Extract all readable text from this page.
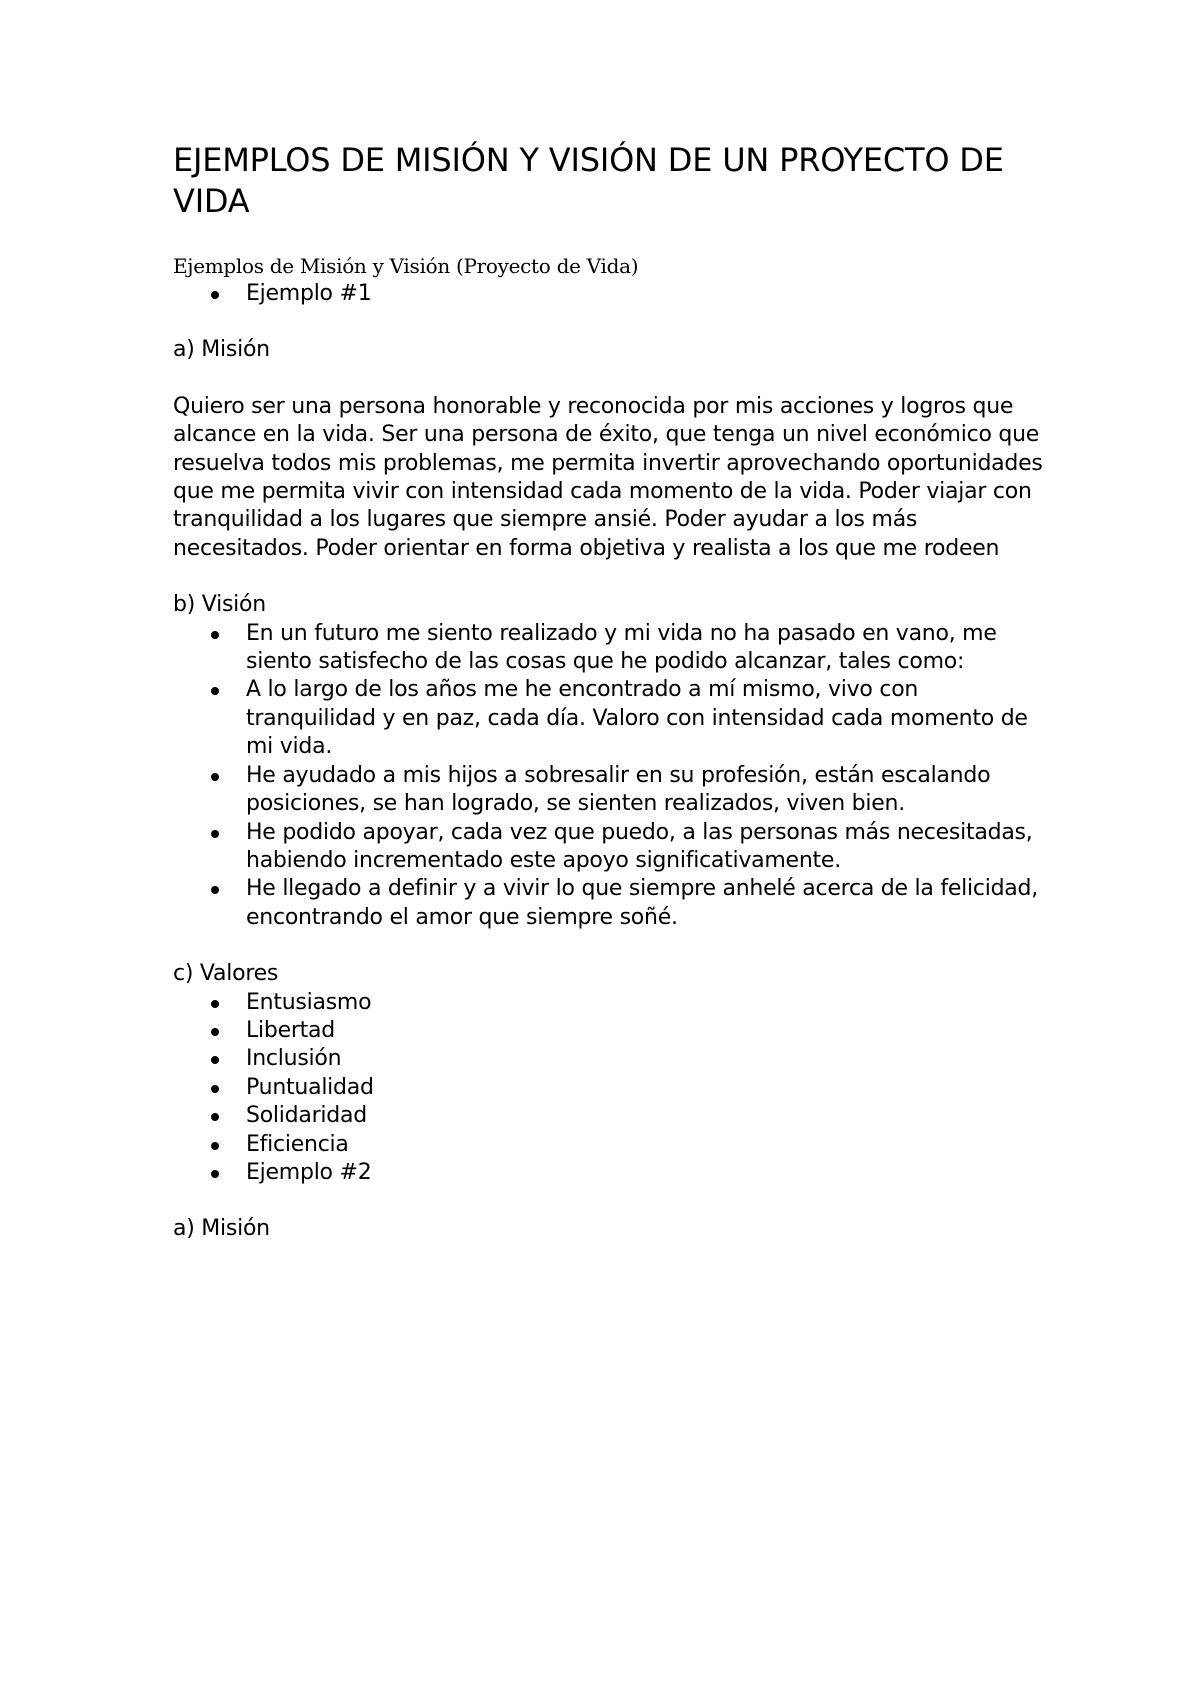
EJEMPLOS DE MISIÓN Y VISIÓN DE UN PROYECTO DE VIDA

Ejemplos de Misión y Visión (Proyecto de Vida)

Ejemplo #1

a) Misión

Quiero ser una persona honorable y reconocida por mis acciones y logros que alcance en la vida. Ser una persona de éxito, que tenga un nivel económico que resuelva todos mis problemas, me permita invertir aprovechando oportunidades que me permita vivir con intensidad cada momento de la vida. Poder viajar con tranquilidad a los lugares que siempre ansié. Poder ayudar a los más necesitados. Poder orientar en forma objetiva y realista a los que me rodeen

b) Visión

En un futuro me siento realizado y mi vida no ha pasado en vano, me siento satisfecho de las cosas que he podido alcanzar, tales como:
A lo largo de los años me he encontrado a mí mismo, vivo con tranquilidad y en paz, cada día. Valoro con intensidad cada momento de mi vida.
He ayudado a mis hijos a sobresalir en su profesión, están escalando posiciones, se han logrado, se sienten realizados, viven bien.
He podido apoyar, cada vez que puedo, a las personas más necesitadas, habiendo incrementado este apoyo significativamente.
He llegado a definir y a vivir lo que siempre anhelé acerca de la felicidad, encontrando el amor que siempre soñé.

c) Valores

Entusiasmo
Libertad
Inclusión
Puntualidad
Solidaridad
Eficiencia
Ejemplo #2

a) Misión
